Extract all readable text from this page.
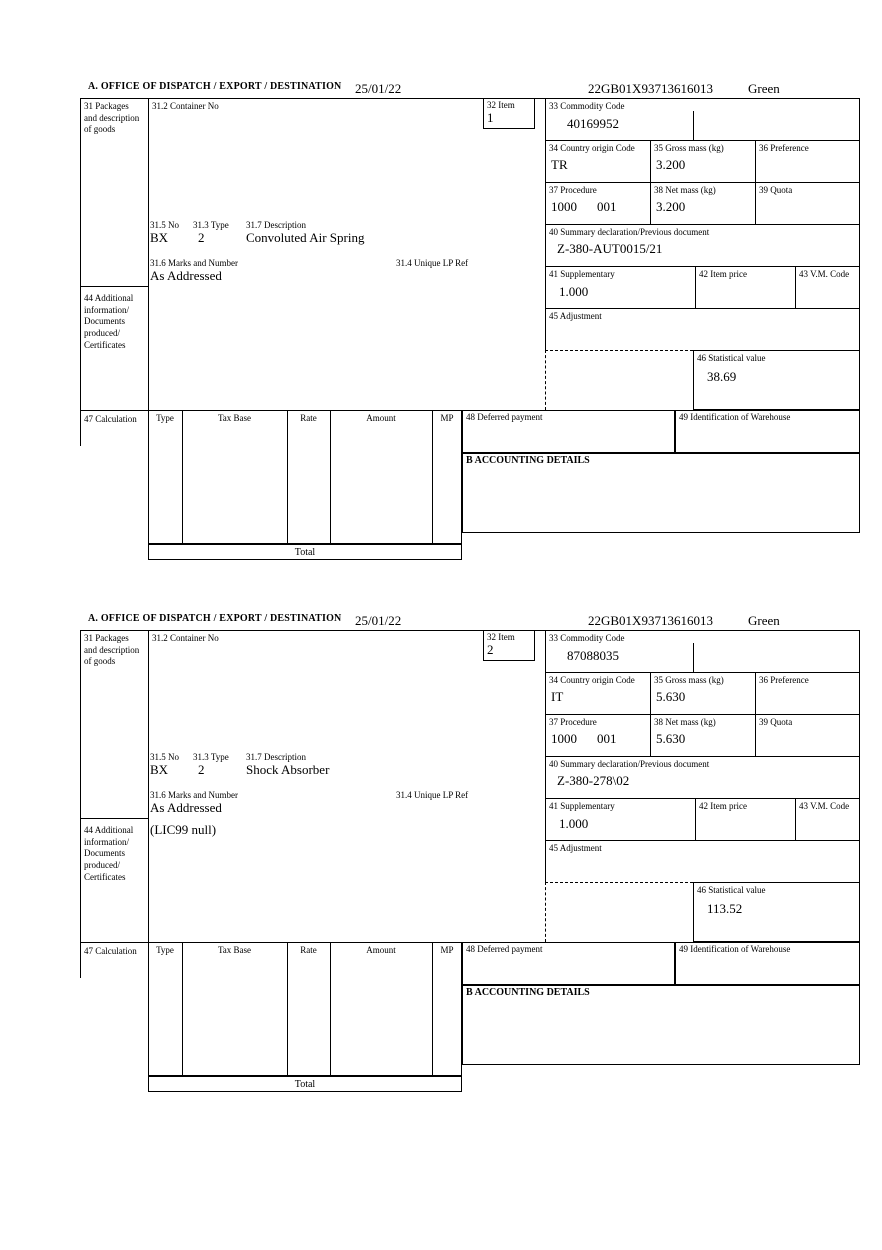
A. OFFICE OF DISPATCH / EXPORT / DESTINATION 25/01/22	22GB01X93713616013	Green
31 Packages and description of goods
44 Additional information/ Documents produced/ Certificates
47 Calculation
31.2 Container No	32 Item
1
31.5 No 31.3 Type 31.7 Description
BX 2	Convoluted Air Spring
31.6 Marks and Number	31.4 Unique LP Ref
As Addressed
33 Commodity Code
40169952
34 Country origin Code
TR
35 Gross mass (kg)
3.200
36 Preference
37 Procedure
1000 001
38 Net mass (kg)
3.200
39 Quota
40 Summary declaration/Previous document
Z-380-AUT0015/21
41 Supplementary
1.000
42 Item price	43 V.M. Code
45 Adjustment
46 Statistical value
38.69
Type	Tax Base	Rate	Amount	MP
Total
48 Deferred payment	49 Identification of Warehouse
B ACCOUNTING DETAILS
A. OFFICE OF DISPATCH / EXPORT / DESTINATION 25/01/22	22GB01X93713616013	Green
31 Packages and description of goods
44 Additional information/ Documents produced/ Certificates
47 Calculation
31.2 Container No	32 Item
2
31.5 No 31.3 Type 31.7 Description
BX 2	Shock Absorber
31.6 Marks and Number	31.4 Unique LP Ref
As Addressed
(LIC99 null)
33 Commodity Code
87088035
34 Country origin Code
IT
35 Gross mass (kg)
5.630
36 Preference
37 Procedure
1000 001
38 Net mass (kg)
5.630
39 Quota
40 Summary declaration/Previous document
Z-380-278\02
41 Supplementary
1.000
42 Item price	43 V.M. Code
45 Adjustment
46 Statistical value
113.52
Type	Tax Base	Rate	Amount	MP
Total
48 Deferred payment	49 Identification of Warehouse
B ACCOUNTING DETAILS
